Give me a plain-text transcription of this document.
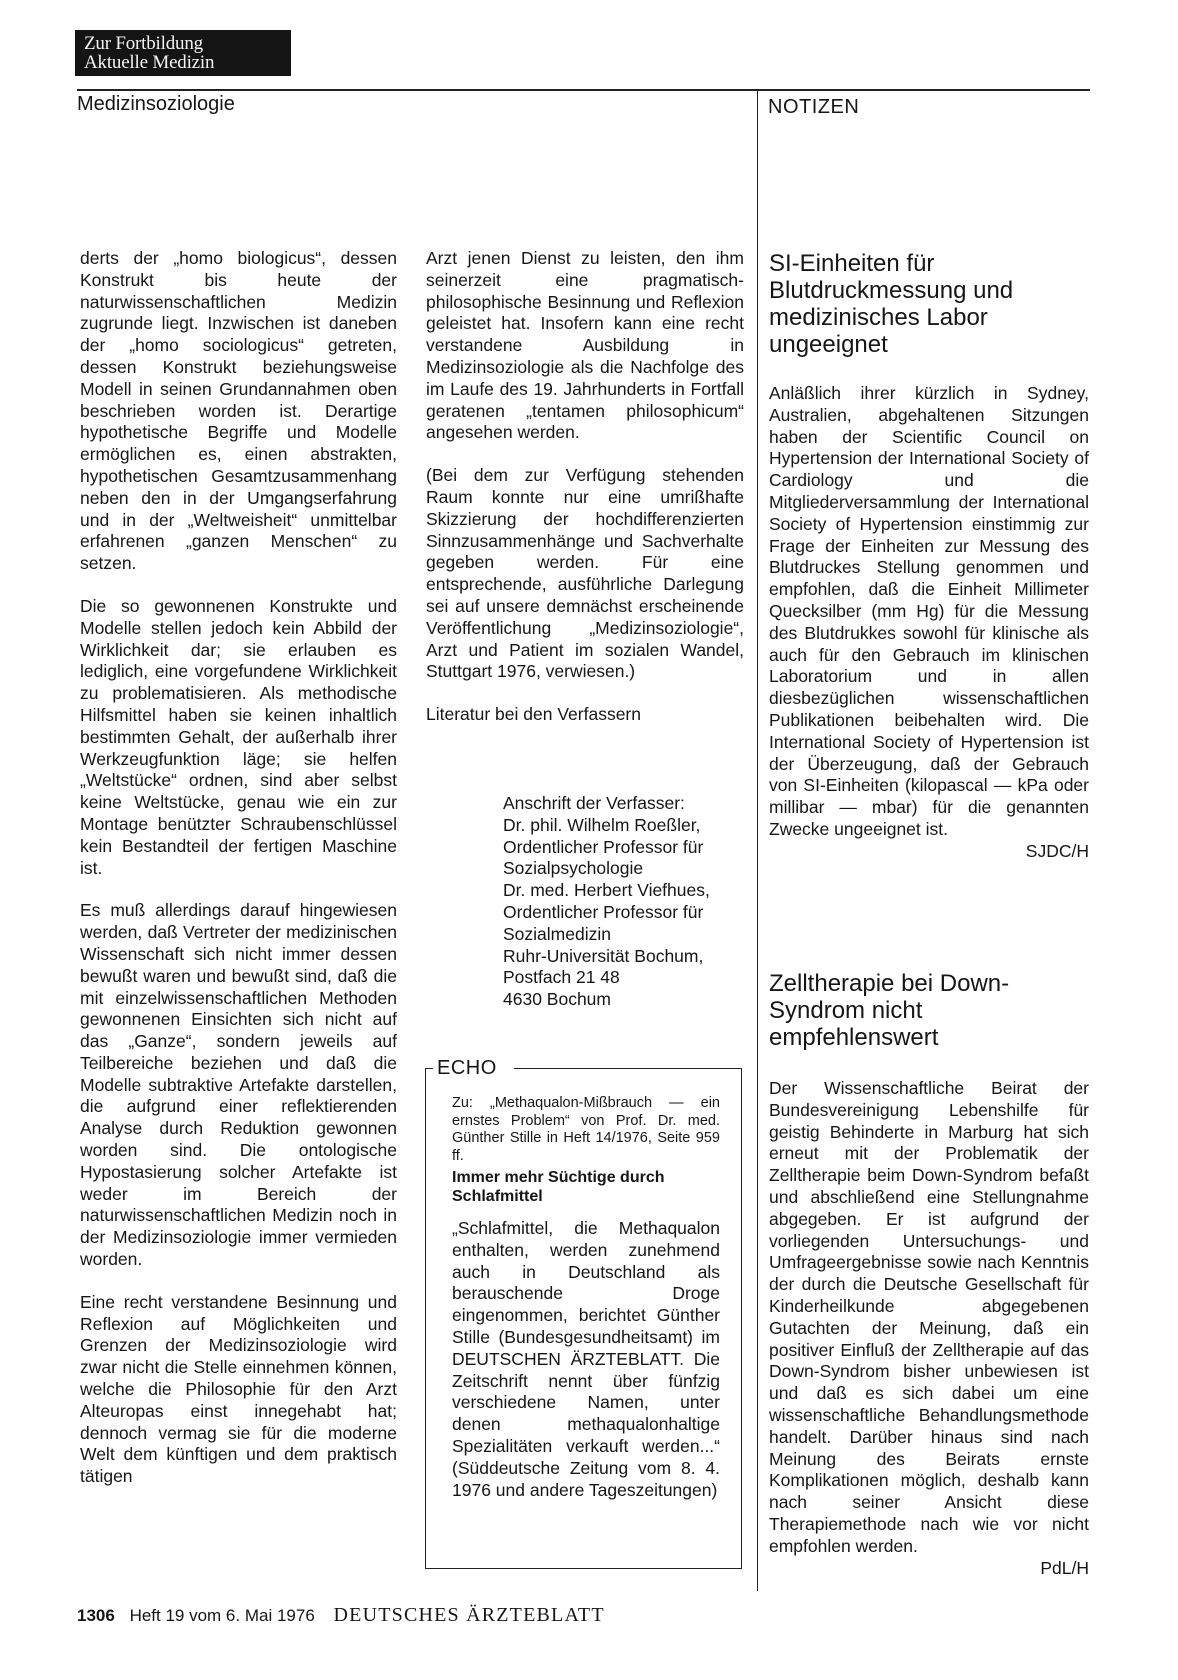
Zur Fortbildung
Aktuelle Medizin
Medizinsoziologie	NOTIZEN

derts der „homo biologicus“, dessen Konstrukt bis heute der naturwissenschaftlichen Medizin zugrunde liegt. Inzwischen ist daneben der „homo sociologicus“ getreten, dessen Konstrukt beziehungsweise Modell in seinen Grundannahmen oben beschrieben worden ist. Derartige hypothetische Begriffe und Modelle ermöglichen es, einen abstrakten, hypothetischen Gesamtzusammenhang neben den in der Umgangserfahrung und in der „Weltweisheit“ unmittelbar erfahrenen „ganzen Menschen“ zu setzen.

Die so gewonnenen Konstrukte und Modelle stellen jedoch kein Abbild der Wirklichkeit dar; sie erlauben es lediglich, eine vorgefundene Wirklichkeit zu problematisieren. Als methodische Hilfsmittel haben sie keinen inhaltlich bestimmten Gehalt, der außerhalb ihrer Werkzeugfunktion läge; sie helfen „Weltstücke“ ordnen, sind aber selbst keine Weltstücke, genau wie ein zur Montage benützter Schraubenschlüssel kein Bestandteil der fertigen Maschine ist.

Es muß allerdings darauf hingewiesen werden, daß Vertreter der medizinischen Wissenschaft sich nicht immer dessen bewußt waren und bewußt sind, daß die mit einzelwissenschaftlichen Methoden gewonnenen Einsichten sich nicht auf das „Ganze“, sondern jeweils auf Teilbereiche beziehen und daß die Modelle subtraktive Artefakte darstellen, die aufgrund einer reflektierenden Analyse durch Reduktion gewonnen worden sind. Die ontologische Hypostasierung solcher Artefakte ist weder im Bereich der naturwissenschaftlichen Medizin noch in der Medizinsoziologie immer vermieden worden.

Eine recht verstandene Besinnung und Reflexion auf Möglichkeiten und Grenzen der Medizinsoziologie wird zwar nicht die Stelle einnehmen können, welche die Philosophie für den Arzt Alteuropas einst innegehabt hat; dennoch vermag sie für die moderne Welt dem künftigen und dem praktisch tätigen

Arzt jenen Dienst zu leisten, den ihm seinerzeit eine pragmatisch-philosophische Besinnung und Reflexion geleistet hat. Insofern kann eine recht verstandene Ausbildung in Medizinsoziologie als die Nachfolge des im Laufe des 19. Jahrhunderts in Fortfall geratenen „tentamen philosophicum“ angesehen werden.

(Bei dem zur Verfügung stehenden Raum konnte nur eine umrißhafte Skizzierung der hochdifferenzierten Sinnzusammenhänge und Sachverhalte gegeben werden. Für eine entsprechende, ausführliche Darlegung sei auf unsere demnächst erscheinende Veröffentlichung „Medizinsoziologie“, Arzt und Patient im sozialen Wandel, Stuttgart 1976, verwiesen.)

Literatur bei den Verfassern

Anschrift der Verfasser:
Dr. phil. Wilhelm Roeßler,
Ordentlicher Professor für
Sozialpsychologie
Dr. med. Herbert Viefhues,
Ordentlicher Professor für
Sozialmedizin
Ruhr-Universität Bochum,
Postfach 21 48
4630 Bochum
ECHO
Zu: „Methaqualon-Mißbrauch — ein ernstes Problem“ von Prof. Dr. med. Günther Stille in Heft 14/1976, Seite 959 ff.
Immer mehr Süchtige durch Schlafmittel
„Schlafmittel, die Methaqualon enthalten, werden zunehmend auch in Deutschland als berauschende Droge eingenommen, berichtet Günther Stille (Bundesgesundheitsamt) im DEUTSCHEN ÄRZTEBLATT. Die Zeitschrift nennt über fünfzig verschiedene Namen, unter denen methaqualonhaltige Spezialitäten verkauft werden...“ (Süddeutsche Zeitung vom 8. 4. 1976 und andere Tageszeitungen)

SI-Einheiten für Blutdruckmessung und medizinisches Labor ungeeignet

Anläßlich ihrer kürzlich in Sydney, Australien, abgehaltenen Sitzungen haben der Scientific Council on Hypertension der International Society of Cardiology und die Mitgliederversammlung der International Society of Hypertension einstimmig zur Frage der Einheiten zur Messung des Blutdruckes Stellung genommen und empfohlen, daß die Einheit Millimeter Quecksilber (mm Hg) für die Messung des Blutdrukkes sowohl für klinische als auch für den Gebrauch im klinischen Laboratorium und in allen diesbezüglichen wissenschaftlichen Publikationen beibehalten wird. Die International Society of Hypertension ist der Überzeugung, daß der Gebrauch von SI-Einheiten (kilopascal — kPa oder millibar — mbar) für die genannten Zwecke ungeeignet ist.
SJDC/H

Zelltherapie bei Down-Syndrom nicht empfehlenswert

Der Wissenschaftliche Beirat der Bundesvereinigung Lebenshilfe für geistig Behinderte in Marburg hat sich erneut mit der Problematik der Zelltherapie beim Down-Syndrom befaßt und abschließend eine Stellungnahme abgegeben. Er ist aufgrund der vorliegenden Untersuchungs- und Umfrageergebnisse sowie nach Kenntnis der durch die Deutsche Gesellschaft für Kinderheilkunde abgegebenen Gutachten der Meinung, daß ein positiver Einfluß der Zelltherapie auf das Down-Syndrom bisher unbewiesen ist und daß es sich dabei um eine wissenschaftliche Behandlungsmethode handelt. Darüber hinaus sind nach Meinung des Beirats ernste Komplikationen möglich, deshalb kann nach seiner Ansicht diese Therapiemethode nach wie vor nicht empfohlen werden.
PdL/H
1306 Heft 19 vom 6. Mai 1976 DEUTSCHES ÄRZTEBLATT
